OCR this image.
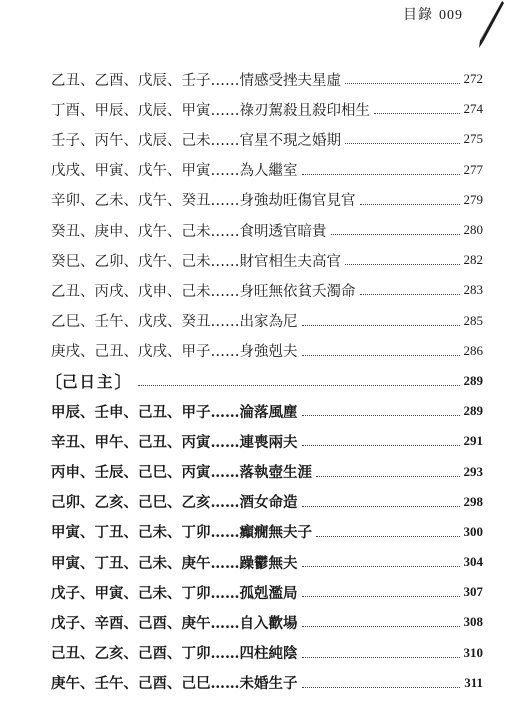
目錄 009
乙丑、乙酉、戊辰、壬子…… 情感受挫夫星虛	272
丁酉、甲辰、戊辰、甲寅…… 祿刃駕殺且殺印相生	274
壬子、丙午、戊辰、己未…… 官星不現之婚期	275
戊戌、甲寅、戊午、甲寅…… 為人繼室	277
辛卯、乙未、戊午、癸丑…… 身強劫旺傷官見官	279
癸丑、庚申、戊午、己未…… 食明透官暗貴	280
癸巳、乙卯、戊午、己未…… 財官相生夫高官	282
乙丑、丙戌、戊申、己未…… 身旺無依貧夭濁命	283
乙巳、壬午、戊戌、癸丑…… 出家為尼	285
庚戌、己丑、戊戌、甲子…… 身強剋夫	286
〔 己日主 〕	289
甲辰、壬申、己丑、甲子…… 淪落風塵	289
辛丑、甲午、己丑、丙寅…… 連喪兩夫	291
丙申、壬辰、己巳、丙寅…… 落執壺生涯	293
己卯、乙亥、己巳、乙亥…… 酒女命造	298
甲寅、丁丑、己未、丁卯…… 癲癇無夫子	300
甲寅、丁丑、己未、庚午…… 躁鬱無夫	304
戊子、甲寅、己未、丁卯…… 孤剋濫局	307
戊子、辛酉、己酉、庚午…… 自入歡場	308
己丑、乙亥、己酉、丁卯…… 四柱純陰	310
庚午、壬午、己酉、己巳…… 未婚生子	311
